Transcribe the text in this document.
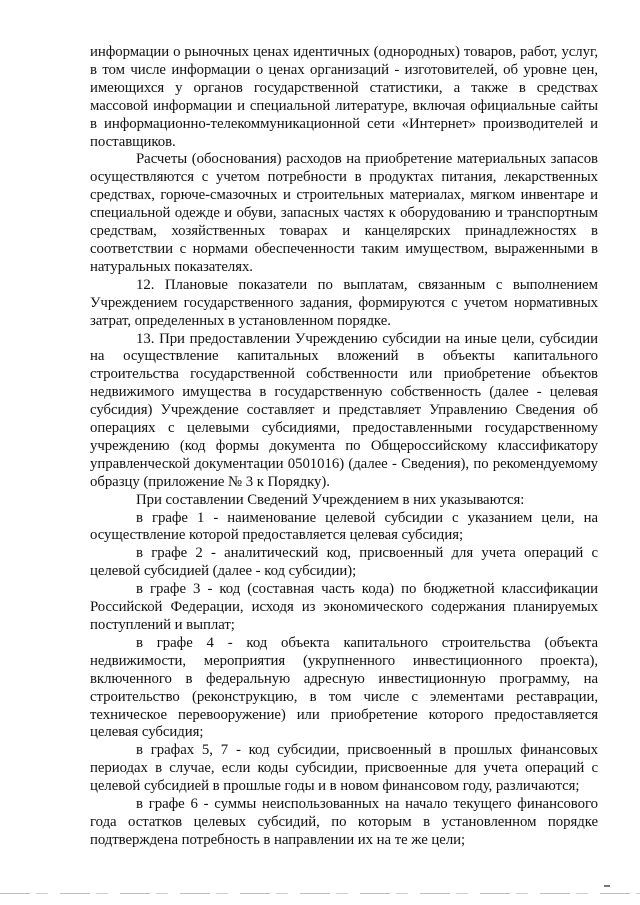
информации о рыночных ценах идентичных (однородных) товаров, работ, услуг, в том числе информации о ценах организаций - изготовителей, об уровне цен, имеющихся у органов государственной статистики, а также в средствах массовой информации и специальной литературе, включая официальные сайты в информационно-телекоммуникационной сети «Интернет» производителей и поставщиков.

Расчеты (обоснования) расходов на приобретение материальных запасов осуществляются с учетом потребности в продуктах питания, лекарственных средствах, горюче-смазочных и строительных материалах, мягком инвентаре и специальной одежде и обуви, запасных частях к оборудованию и транспортным средствам, хозяйственных товарах и канцелярских принадлежностях в соответствии с нормами обеспеченности таким имуществом, выраженными в натуральных показателях.

12. Плановые показатели по выплатам, связанным с выполнением Учреждением государственного задания, формируются с учетом нормативных затрат, определенных в установленном порядке.

13. При предоставлении Учреждению субсидии на иные цели, субсидии на осуществление капитальных вложений в объекты капитального строительства государственной собственности или приобретение объектов недвижимого имущества в государственную собственность (далее - целевая субсидия) Учреждение составляет и представляет Управлению Сведения об операциях с целевыми субсидиями, предоставленными государственному учреждению (код формы документа по Общероссийскому классификатору управленческой документации 0501016) (далее - Сведения), по рекомендуемому образцу (приложение № 3 к Порядку).

При составлении Сведений Учреждением в них указываются:

в графе 1 - наименование целевой субсидии с указанием цели, на осуществление которой предоставляется целевая субсидия;

в графе 2 - аналитический код, присвоенный для учета операций с целевой субсидией (далее - код субсидии);

в графе 3 - код (составная часть кода) по бюджетной классификации Российской Федерации, исходя из экономического содержания планируемых поступлений и выплат;

в графе 4 - код объекта капитального строительства (объекта недвижимости, мероприятия (укрупненного инвестиционного проекта), включенного в федеральную адресную инвестиционную программу, на строительство (реконструкцию, в том числе с элементами реставрации, техническое перевооружение) или приобретение которого предоставляется целевая субсидия;

в графах 5, 7 - код субсидии, присвоенный в прошлых финансовых периодах в случае, если коды субсидии, присвоенные для учета операций с целевой субсидией в прошлые годы и в новом финансовом году, различаются;

в графе 6 - суммы неиспользованных на начало текущего финансового года остатков целевых субсидий, по которым в установленном порядке подтверждена потребность в направлении их на те же цели;
